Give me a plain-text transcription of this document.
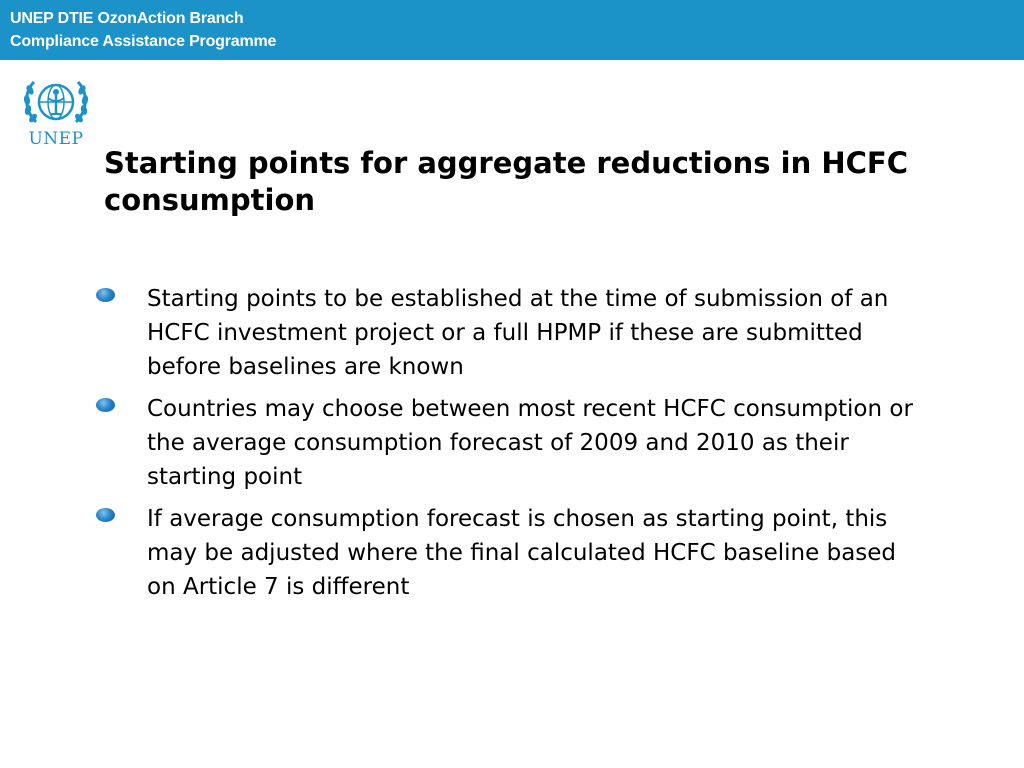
UNEP DTIE OzonAction Branch
Compliance Assistance Programme
UNEP
Starting points for aggregate reductions in HCFC consumption
Starting points to be established at the time of submission of an HCFC investment project or a full HPMP if these are submitted before baselines are known
Countries may choose between most recent HCFC consumption or the average consumption forecast of 2009 and 2010 as their starting point
If average consumption forecast is chosen as starting point, this may be adjusted where the final calculated HCFC baseline based on Article 7 is different
